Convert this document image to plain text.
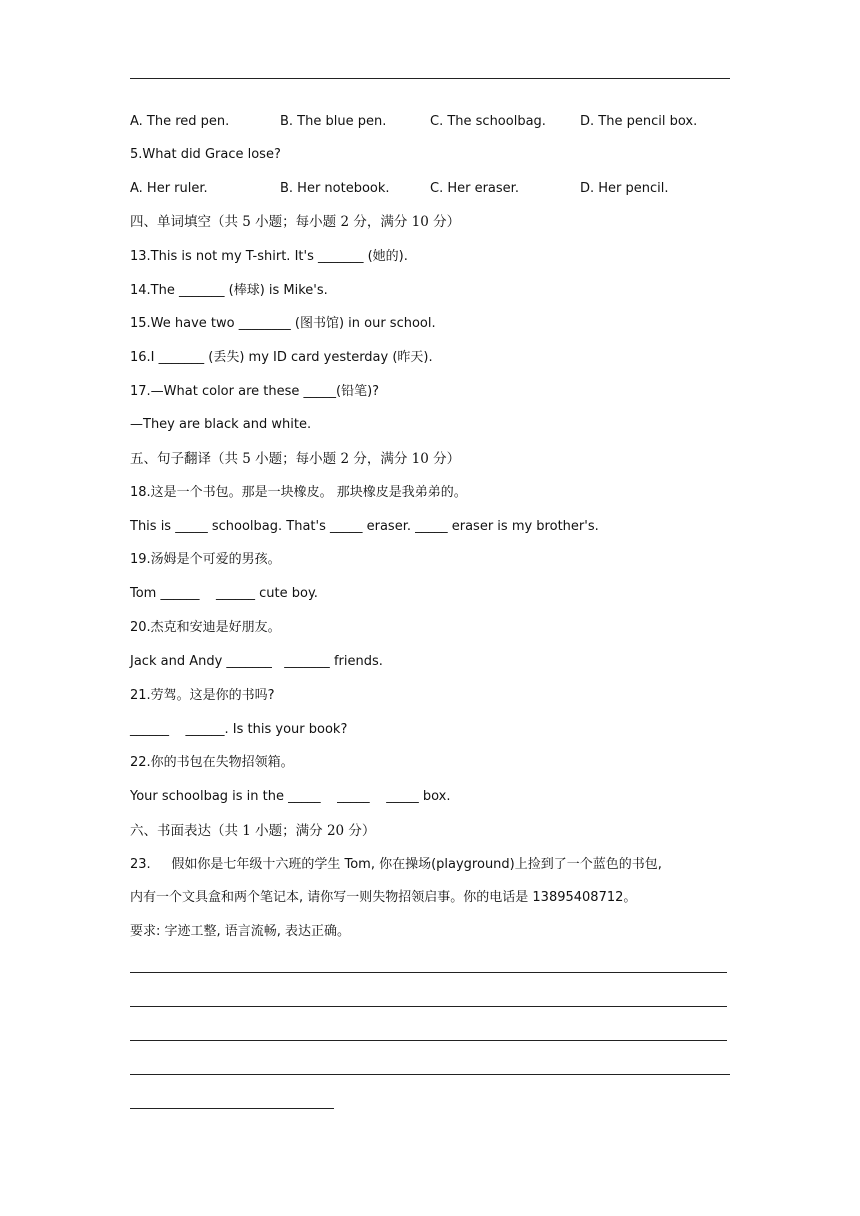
A. The red pen.	B. The blue pen.	C. The schoolbag.	D. The pencil box.
5.What did Grace lose?
A. Her ruler.	B. Her notebook.	C. Her eraser.	D. Her pencil.
四、单词填空（共 5 小题；每小题 2 分，满分 10 分）
13.This is not my T-shirt. It's _______ (她的).
14.The _______ (棒球) is Mike's.
15.We have two ________ (图书馆) in our school.
16.I _______ (丢失) my ID card yesterday (昨天).
17.—What color are these _____(铅笔)?
—They are black and white.
五、句子翻译（共 5 小题；每小题 2 分，满分 10 分）
18.这是一个书包。那是一块橡皮。 那块橡皮是我弟弟的。
This is _____ schoolbag. That's _____ eraser. _____ eraser is my brother's.
19.汤姆是个可爱的男孩。
Tom ______    ______ cute boy.
20.杰克和安迪是好朋友。
Jack and Andy _______   _______ friends.
21.劳驾。这是你的书吗?
______    ______. Is this your book?
22.你的书包在失物招领箱。
Your schoolbag is in the _____    _____    _____ box.
六、书面表达（共 1 小题；满分 20 分）
23.     假如你是七年级十六班的学生 Tom, 你在操场(playground)上捡到了一个蓝色的书包,
内有一个文具盒和两个笔记本, 请你写一则失物招领启事。你的电话是 13895408712。
要求: 字迹工整, 语言流畅, 表达正确。
